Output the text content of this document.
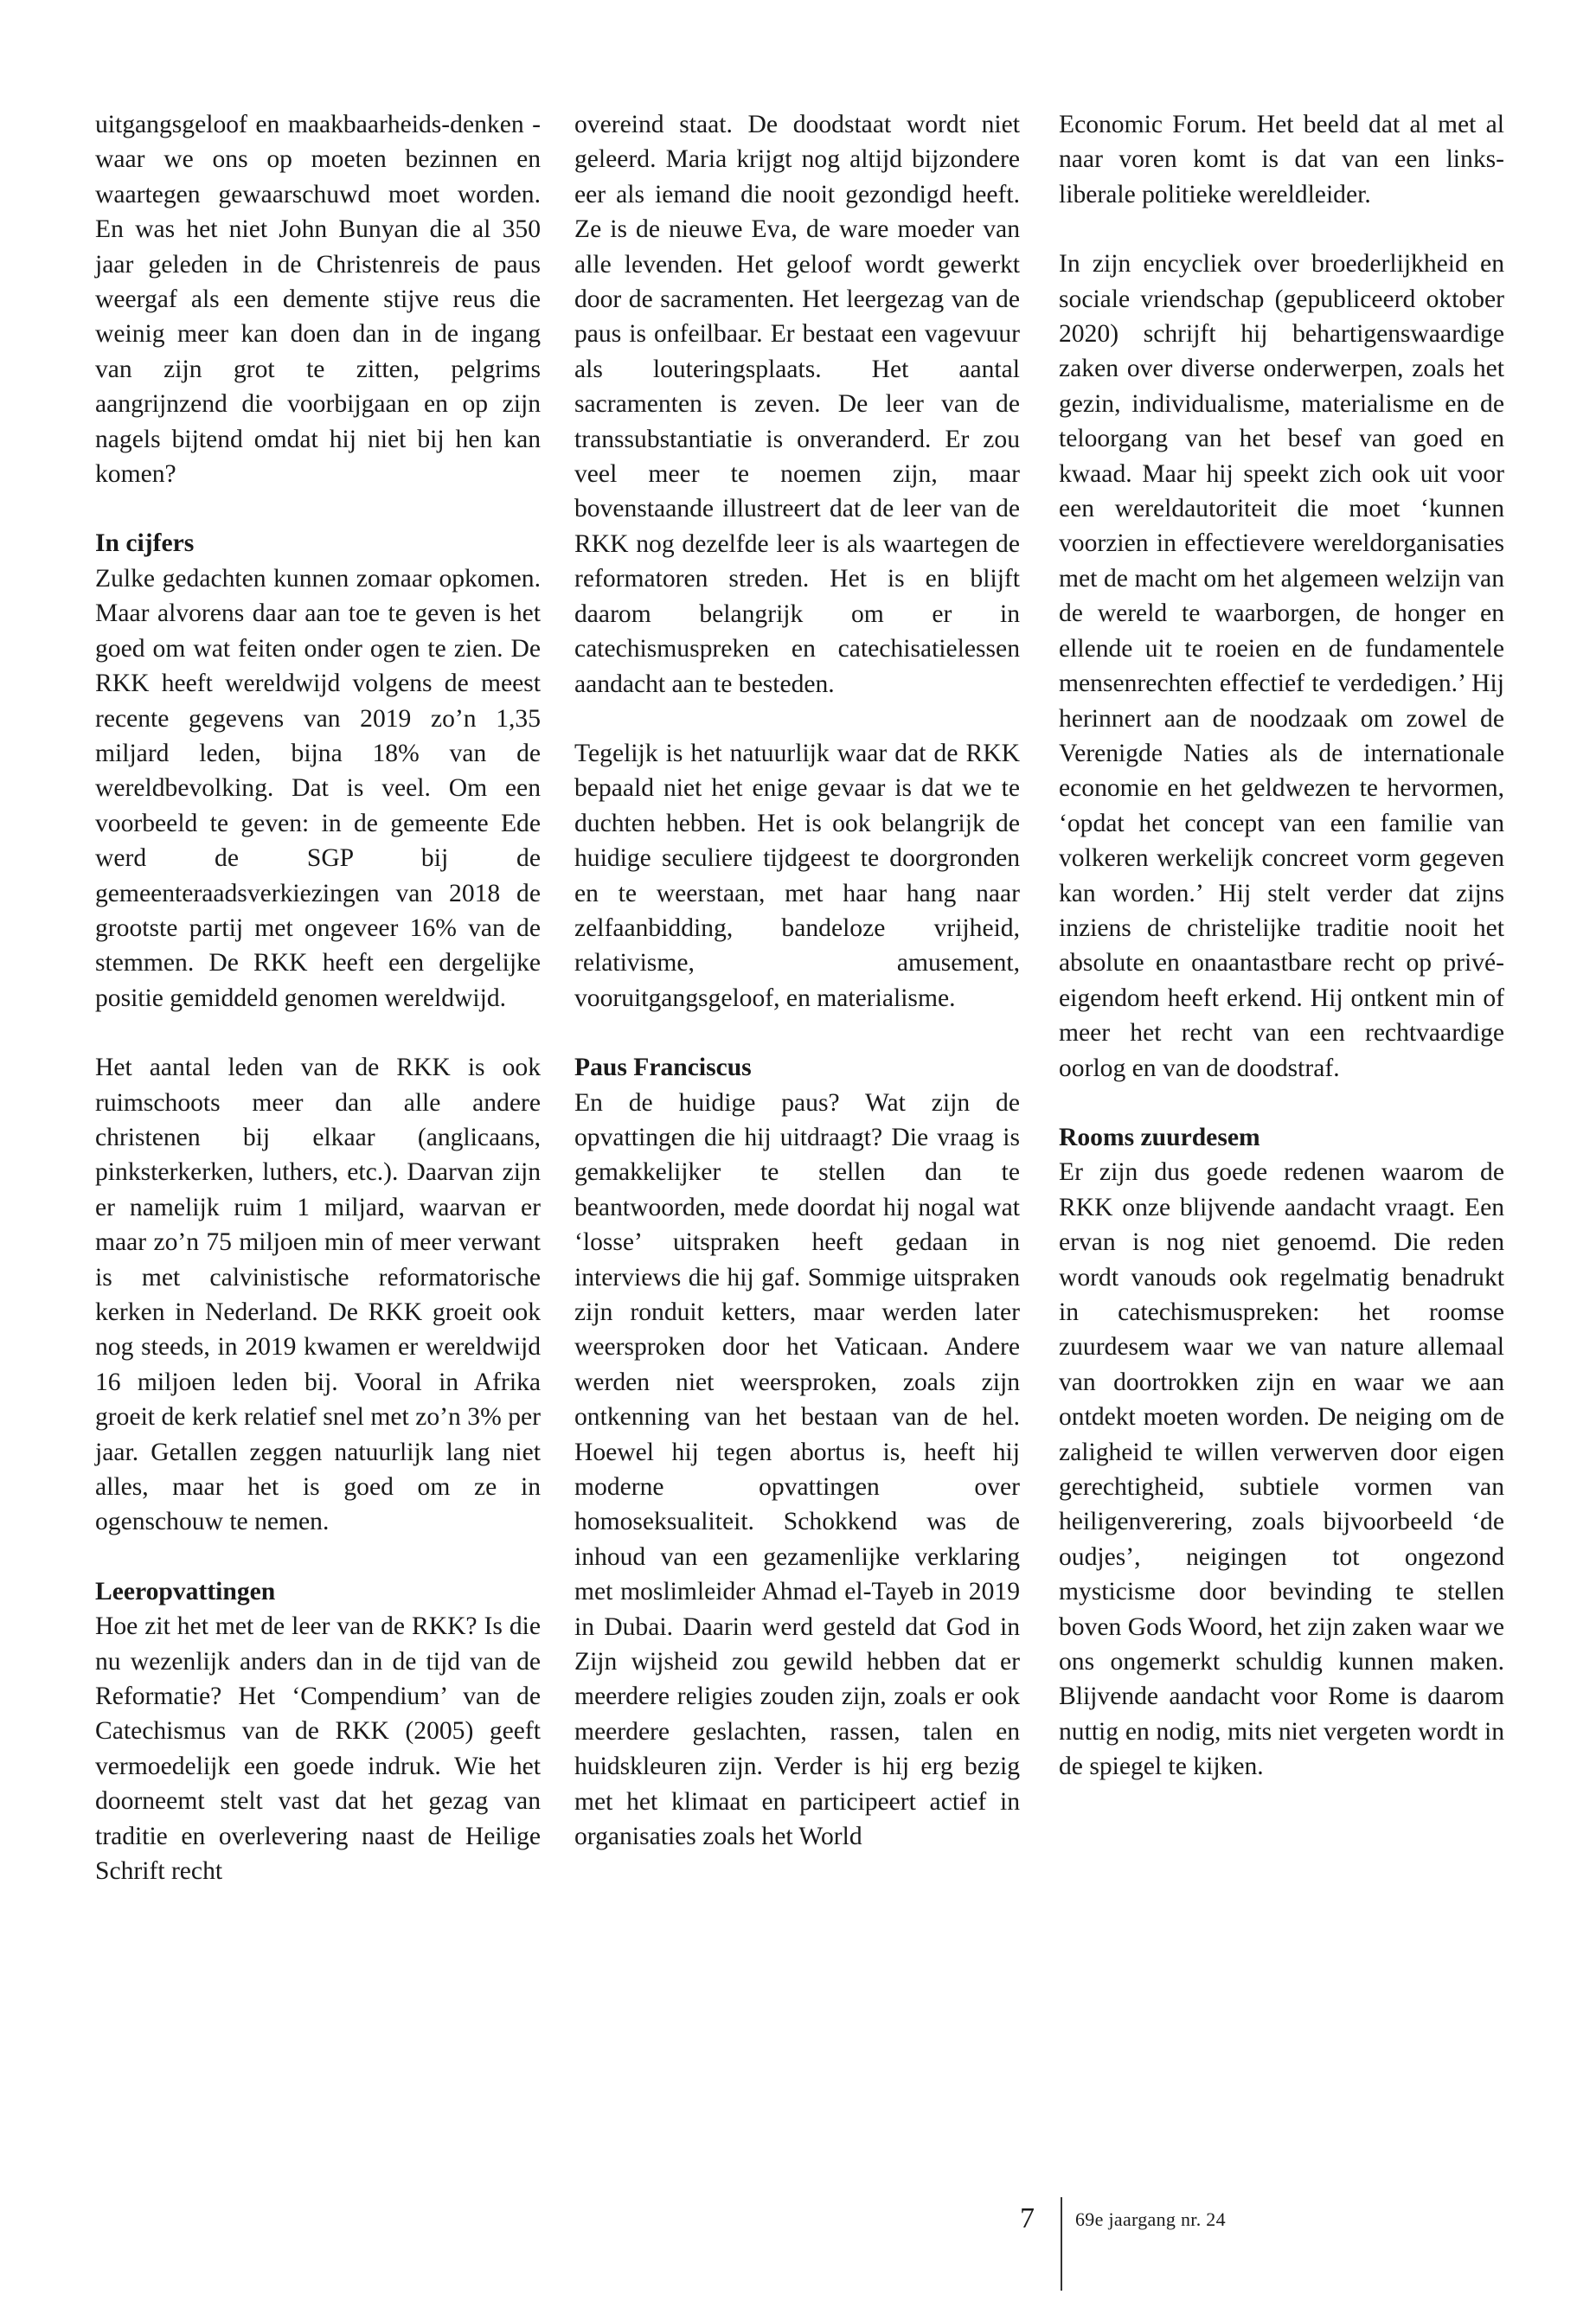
uitgangsgeloof en maakbaarheids-denken - waar we ons op moeten bezinnen en waartegen gewaarschuwd moet worden. En was het niet John Bunyan die al 350 jaar geleden in de Christenreis de paus weergaf als een demente stijve reus die weinig meer kan doen dan in de ingang van zijn grot te zitten, pelgrims aangrijnzend die voorbijgaan en op zijn nagels bijtend omdat hij niet bij hen kan komen?

In cijfers

Zulke gedachten kunnen zomaar opkomen. Maar alvorens daar aan toe te geven is het goed om wat feiten onder ogen te zien. De RKK heeft wereldwijd volgens de meest recente gegevens van 2019 zo’n 1,35 miljard leden, bijna 18% van de wereldbevolking. Dat is veel. Om een voorbeeld te geven: in de gemeente Ede werd de SGP bij de gemeenteraadsverkiezingen van 2018 de grootste partij met ongeveer 16% van de stemmen. De RKK heeft een dergelijke positie gemiddeld genomen wereldwijd.

Het aantal leden van de RKK is ook ruimschoots meer dan alle andere christenen bij elkaar (anglicaans, pinksterkerken, luthers, etc.). Daarvan zijn er namelijk ruim 1 miljard, waarvan er maar zo’n 75 miljoen min of meer verwant is met calvinistische reformatorische kerken in Nederland. De RKK groeit ook nog steeds, in 2019 kwamen er wereldwijd 16 miljoen leden bij. Vooral in Afrika groeit de kerk relatief snel met zo’n 3% per jaar. Getallen zeggen natuurlijk lang niet alles, maar het is goed om ze in ogenschouw te nemen.

Leeropvattingen

Hoe zit het met de leer van de RKK? Is die nu wezenlijk anders dan in de tijd van de Reformatie? Het ‘Compendium’ van de Catechismus van de RKK (2005) geeft vermoedelijk een goede indruk. Wie het doorneemt stelt vast dat het gezag van traditie en overlevering naast de Heilige Schrift recht

overeind staat. De doodstaat wordt niet geleerd. Maria krijgt nog altijd bijzondere eer als iemand die nooit gezondigd heeft. Ze is de nieuwe Eva, de ware moeder van alle levenden. Het geloof wordt gewerkt door de sacramenten. Het leergezag van de paus is onfeilbaar. Er bestaat een vagevuur als louteringsplaats. Het aantal sacramenten is zeven. De leer van de transsubstantiatie is onveranderd. Er zou veel meer te noemen zijn, maar bovenstaande illustreert dat de leer van de RKK nog dezelfde leer is als waartegen de reformatoren streden. Het is en blijft daarom belangrijk om er in catechismuspreken en catechisatielessen aandacht aan te besteden.

Tegelijk is het natuurlijk waar dat de RKK bepaald niet het enige gevaar is dat we te duchten hebben. Het is ook belangrijk de huidige seculiere tijdgeest te doorgronden en te weerstaan, met haar hang naar zelfaanbidding, bandeloze vrijheid, relativisme, amusement, vooruitgangsgeloof, en materialisme.

Paus Franciscus

En de huidige paus? Wat zijn de opvattingen die hij uitdraagt? Die vraag is gemakkelijker te stellen dan te beantwoorden, mede doordat hij nogal wat ‘losse’ uitspraken heeft gedaan in interviews die hij gaf. Sommige uitspraken zijn ronduit ketters, maar werden later weersproken door het Vaticaan. Andere werden niet weersproken, zoals zijn ontkenning van het bestaan van de hel. Hoewel hij tegen abortus is, heeft hij moderne opvattingen over homoseksualiteit. Schokkend was de inhoud van een gezamenlijke verklaring met moslimleider Ahmad el-Tayeb in 2019 in Dubai. Daarin werd gesteld dat God in Zijn wijsheid zou gewild hebben dat er meerdere religies zouden zijn, zoals er ook meerdere geslachten, rassen, talen en huidskleuren zijn. Verder is hij erg bezig met het klimaat en participeert actief in organisaties zoals het World

Economic Forum. Het beeld dat al met al naar voren komt is dat van een links-liberale politieke wereldleider.

In zijn encycliek over broederlijkheid en sociale vriendschap (gepubliceerd oktober 2020) schrijft hij behartigenswaardige zaken over diverse onderwerpen, zoals het gezin, individualisme, materialisme en de teloorgang van het besef van goed en kwaad. Maar hij speekt zich ook uit voor een wereldautoriteit die moet ‘kunnen voorzien in effectievere wereldorganisaties met de macht om het algemeen welzijn van de wereld te waarborgen, de honger en ellende uit te roeien en de fundamentele mensenrechten effectief te verdedigen.’ Hij herinnert aan de noodzaak om zowel de Verenigde Naties als de internationale economie en het geldwezen te hervormen, ‘opdat het concept van een familie van volkeren werkelijk concreet vorm gegeven kan worden.’ Hij stelt verder dat zijns inziens de christelijke traditie nooit het absolute en onaantastbare recht op privé-eigendom heeft erkend. Hij ontkent min of meer het recht van een rechtvaardige oorlog en van de doodstraf.

Rooms zuurdesem

Er zijn dus goede redenen waarom de RKK onze blijvende aandacht vraagt. Een ervan is nog niet genoemd. Die reden wordt vanouds ook regelmatig benadrukt in catechismuspreken: het roomse zuurdesem waar we van nature allemaal van doortrokken zijn en waar we aan ontdekt moeten worden. De neiging om de zaligheid te willen verwerven door eigen gerechtigheid, subtiele vormen van heiligenverering, zoals bijvoorbeeld ‘de oudjes’, neigingen tot ongezond mysticisme door bevinding te stellen boven Gods Woord, het zijn zaken waar we ons ongemerkt schuldig kunnen maken. Blijvende aandacht voor Rome is daarom nuttig en nodig, mits niet vergeten wordt in de spiegel te kijken.

7 69e jaargang nr. 24
